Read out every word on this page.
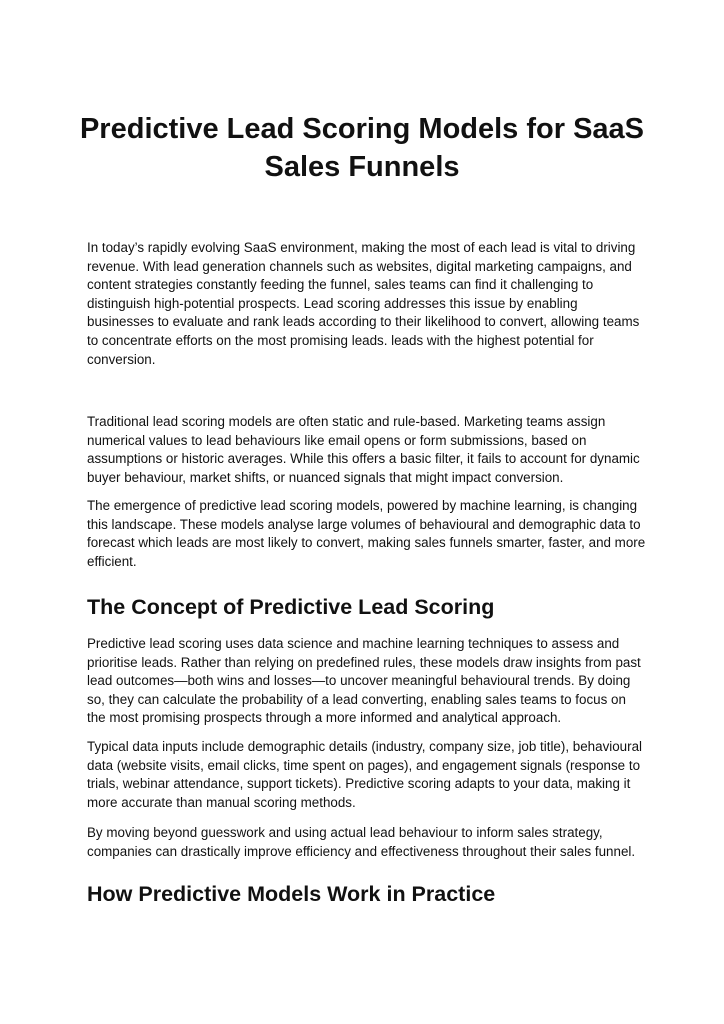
Predictive Lead Scoring Models for SaaS Sales Funnels

In today’s rapidly evolving SaaS environment, making the most of each lead is vital to driving revenue. With lead generation channels such as websites, digital marketing campaigns, and content strategies constantly feeding the funnel, sales teams can find it challenging to distinguish high-potential prospects. Lead scoring addresses this issue by enabling businesses to evaluate and rank leads according to their likelihood to convert, allowing teams to concentrate efforts on the most promising leads. leads with the highest potential for conversion.

Traditional lead scoring models are often static and rule-based. Marketing teams assign numerical values to lead behaviours like email opens or form submissions, based on assumptions or historic averages. While this offers a basic filter, it fails to account for dynamic buyer behaviour, market shifts, or nuanced signals that might impact conversion.

The emergence of predictive lead scoring models, powered by machine learning, is changing this landscape. These models analyse large volumes of behavioural and demographic data to forecast which leads are most likely to convert, making sales funnels smarter, faster, and more efficient.

The Concept of Predictive Lead Scoring

Predictive lead scoring uses data science and machine learning techniques to assess and prioritise leads. Rather than relying on predefined rules, these models draw insights from past lead outcomes—both wins and losses—to uncover meaningful behavioural trends. By doing so, they can calculate the probability of a lead converting, enabling sales teams to focus on the most promising prospects through a more informed and analytical approach.

Typical data inputs include demographic details (industry, company size, job title), behavioural data (website visits, email clicks, time spent on pages), and engagement signals (response to trials, webinar attendance, support tickets). Predictive scoring adapts to your data, making it more accurate than manual scoring methods.

By moving beyond guesswork and using actual lead behaviour to inform sales strategy, companies can drastically improve efficiency and effectiveness throughout their sales funnel.

How Predictive Models Work in Practice
